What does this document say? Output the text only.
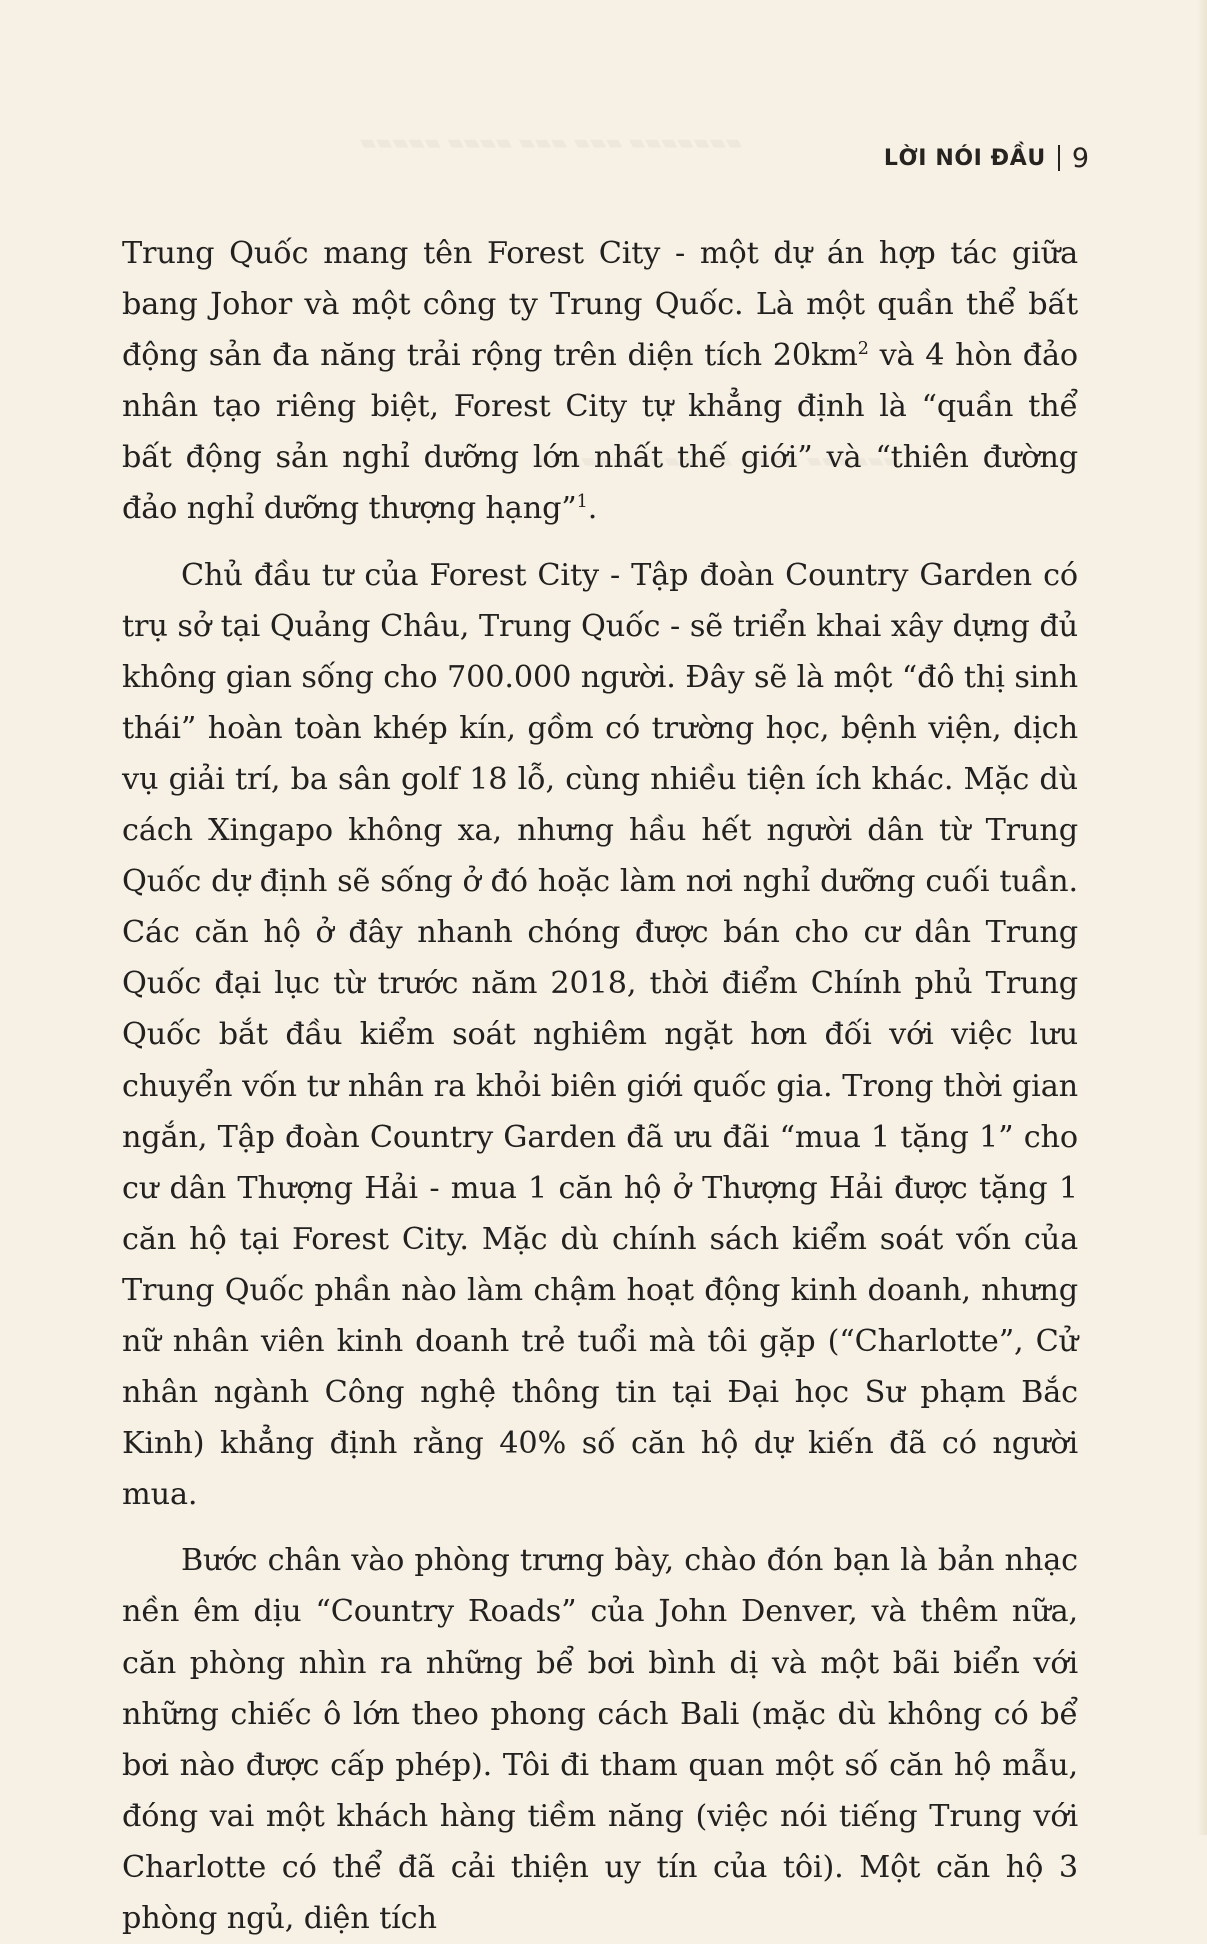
LỜI NÓI ĐẦU 9

Trung Quốc mang tên Forest City - một dự án hợp tác giữa bang Johor và một công ty Trung Quốc. Là một quần thể bất động sản đa năng trải rộng trên diện tích $20km^2$ và 4 hòn đảo nhân tạo riêng biệt, Forest City tự khẳng định là “quần thể bất động sản nghỉ dưỡng lớn nhất thế giới” và “thiên đường đảo nghỉ dưỡng thượng hạng”$^1$.

Chủ đầu tư của Forest City - Tập đoàn Country Garden có trụ sở tại Quảng Châu, Trung Quốc - sẽ triển khai xây dựng đủ không gian sống cho 700.000 người. Đây sẽ là một “đô thị sinh thái” hoàn toàn khép kín, gồm có trường học, bệnh viện, dịch vụ giải trí, ba sân golf 18 lỗ, cùng nhiều tiện ích khác. Mặc dù cách Xingapo không xa, nhưng hầu hết người dân từ Trung Quốc dự định sẽ sống ở đó hoặc làm nơi nghỉ dưỡng cuối tuần. Các căn hộ ở đây nhanh chóng được bán cho cư dân Trung Quốc đại lục từ trước năm 2018, thời điểm Chính phủ Trung Quốc bắt đầu kiểm soát nghiêm ngặt hơn đối với việc lưu chuyển vốn tư nhân ra khỏi biên giới quốc gia. Trong thời gian ngắn, Tập đoàn Country Garden đã ưu đãi “mua 1 tặng 1” cho cư dân Thượng Hải - mua 1 căn hộ ở Thượng Hải được tặng 1 căn hộ tại Forest City. Mặc dù chính sách kiểm soát vốn của Trung Quốc phần nào làm chậm hoạt động kinh doanh, nhưng nữ nhân viên kinh doanh trẻ tuổi mà tôi gặp (“Charlotte”, Cử nhân ngành Công nghệ thông tin tại Đại học Sư phạm Bắc Kinh) khẳng định rằng 40% số căn hộ dự kiến đã có người mua.

Bước chân vào phòng trưng bày, chào đón bạn là bản nhạc nền êm dịu “Country Roads” của John Denver, và thêm nữa, căn phòng nhìn ra những bể bơi bình dị và một bãi biển với những chiếc ô lớn theo phong cách Bali (mặc dù không có bể bơi nào được cấp phép). Tôi đi tham quan một số căn hộ mẫu, đóng vai một khách hàng tiềm năng (việc nói tiếng Trung với Charlotte có thể đã cải thiện uy tín của tôi). Một căn hộ 3 phòng ngủ, diện tích
